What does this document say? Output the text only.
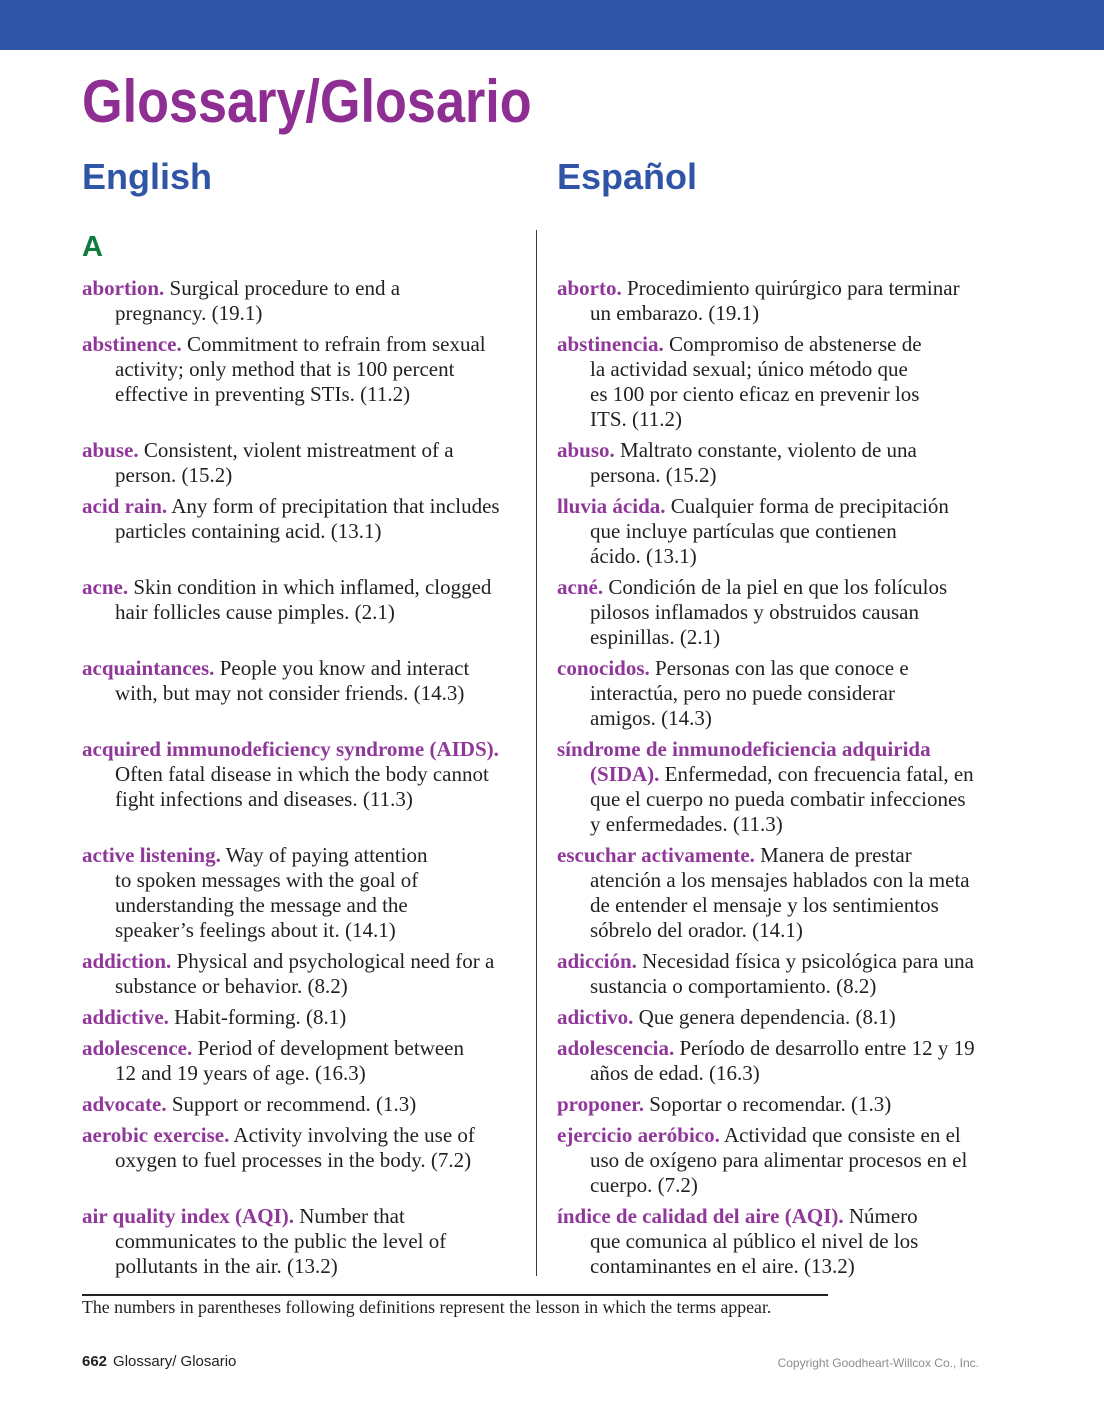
Glossary/Glosario
English	Español
A

abortion. Surgical procedure to end a
pregnancy. (19.1)

aborto. Procedimiento quirúrgico para terminar
un embarazo. (19.1)

abstinence. Commitment to refrain from sexual
activity; only method that is 100 percent
effective in preventing STIs. (11.2)

abstinencia. Compromiso de abstenerse de
la actividad sexual; único método que
es 100 por ciento eficaz en prevenir los
ITS. (11.2)

abuse. Consistent, violent mistreatment of a
person. (15.2)

abuso. Maltrato constante, violento de una
persona. (15.2)

acid rain. Any form of precipitation that includes
particles containing acid. (13.1)

lluvia ácida. Cualquier forma de precipitación
que incluye partículas que contienen
ácido. (13.1)

acne. Skin condition in which inflamed, clogged
hair follicles cause pimples. (2.1)

acné. Condición de la piel en que los folículos
pilosos inflamados y obstruidos causan
espinillas. (2.1)

acquaintances. People you know and interact
with, but may not consider friends. (14.3)

conocidos. Personas con las que conoce e
interactúa, pero no puede considerar
amigos. (14.3)

acquired immunodeficiency syndrome (AIDS).
Often fatal disease in which the body cannot
fight infections and diseases. (11.3)

síndrome de inmunodeficiencia adquirida
(SIDA). Enfermedad, con frecuencia fatal, en
que el cuerpo no pueda combatir infecciones
y enfermedades. (11.3)

active listening. Way of paying attention
to spoken messages with the goal of
understanding the message and the
speaker’s feelings about it. (14.1)

escuchar activamente. Manera de prestar
atención a los mensajes hablados con la meta
de entender el mensaje y los sentimientos
sóbrelo del orador. (14.1)

addiction. Physical and psychological need for a
substance or behavior. (8.2)

adicción. Necesidad física y psicológica para una
sustancia o comportamiento. (8.2)

addictive. Habit-forming. (8.1)	adictivo. Que genera dependencia. (8.1)

adolescence. Period of development between
12 and 19 years of age. (16.3)

adolescencia. Período de desarrollo entre 12 y 19
años de edad. (16.3)

advocate. Support or recommend. (1.3)	proponer. Soportar o recomendar. (1.3)

aerobic exercise. Activity involving the use of
oxygen to fuel processes in the body. (7.2)

ejercicio aeróbico. Actividad que consiste en el
uso de oxígeno para alimentar procesos en el
cuerpo. (7.2)

air quality index (AQI). Number that
communicates to the public the level of
pollutants in the air. (13.2)

índice de calidad del aire (AQI). Número
que comunica al público el nivel de los
contaminantes en el aire. (13.2)

The numbers in parentheses following definitions represent the lesson in which the terms appear.

662 Glossary/ Glosario	Copyright Goodheart-Willcox Co., Inc.
